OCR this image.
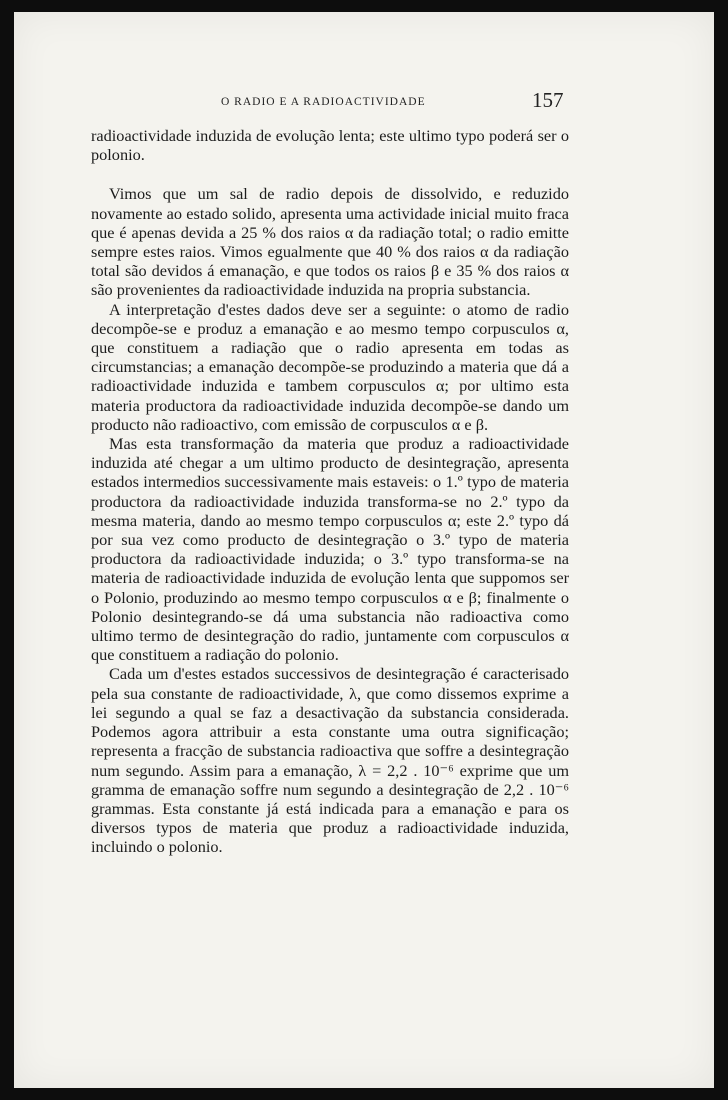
O RADIO E A RADIOACTIVIDADE	157

radioactividade induzida de evolução lenta; este ultimo typo poderá ser o polonio.

Vimos que um sal de radio depois de dissolvido, e reduzido novamente ao estado solido, apresenta uma actividade inicial muito fraca que é apenas devida a 25 % dos raios α da radiação total; o radio emitte sempre estes raios. Vimos egualmente que 40 % dos raios α da radiação total são devidos á emanação, e que todos os raios β e 35 % dos raios α são provenientes da radioactividade induzida na propria substancia.

A interpretação d'estes dados deve ser a seguinte: o atomo de radio decompõe-se e produz a emanação e ao mesmo tempo corpusculos α, que constituem a radiação que o radio apresenta em todas as circumstancias; a emanação decompõe-se produzindo a materia que dá a radioactividade induzida e tambem corpusculos α; por ultimo esta materia productora da radioactividade induzida decompõe-se dando um producto não radioactivo, com emissão de corpusculos α e β.

Mas esta transformação da materia que produz a radioactividade induzida até chegar a um ultimo producto de desintegração, apresenta estados intermedios successivamente mais estaveis: o 1.º typo de materia productora da radioactividade induzida transforma-se no 2.º typo da mesma materia, dando ao mesmo tempo corpusculos α; este 2.º typo dá por sua vez como producto de desintegração o 3.º typo de materia productora da radioactividade induzida; o 3.º typo transforma-se na materia de radioactividade induzida de evolução lenta que suppomos ser o Polonio, produzindo ao mesmo tempo corpusculos α e β; finalmente o Polonio desintegrando-se dá uma substancia não radioactiva como ultimo termo de desintegração do radio, juntamente com corpusculos α que constituem a radiação do polonio.

Cada um d'estes estados successivos de desintegração é caracterisado pela sua constante de radioactividade, λ, que como dissemos exprime a lei segundo a qual se faz a desactivação da substancia considerada. Podemos agora attribuir a esta constante uma outra significação; representa a fracção de substancia radioactiva que soffre a desintegração num segundo. Assim para a emanação, λ = 2,2 . 10⁻⁶ exprime que um gramma de emanação soffre num segundo a desintegração de 2,2 . 10⁻⁶ grammas. Esta constante já está indicada para a emanação e para os diversos typos de materia que produz a radioactividade induzida, incluindo o polonio.
